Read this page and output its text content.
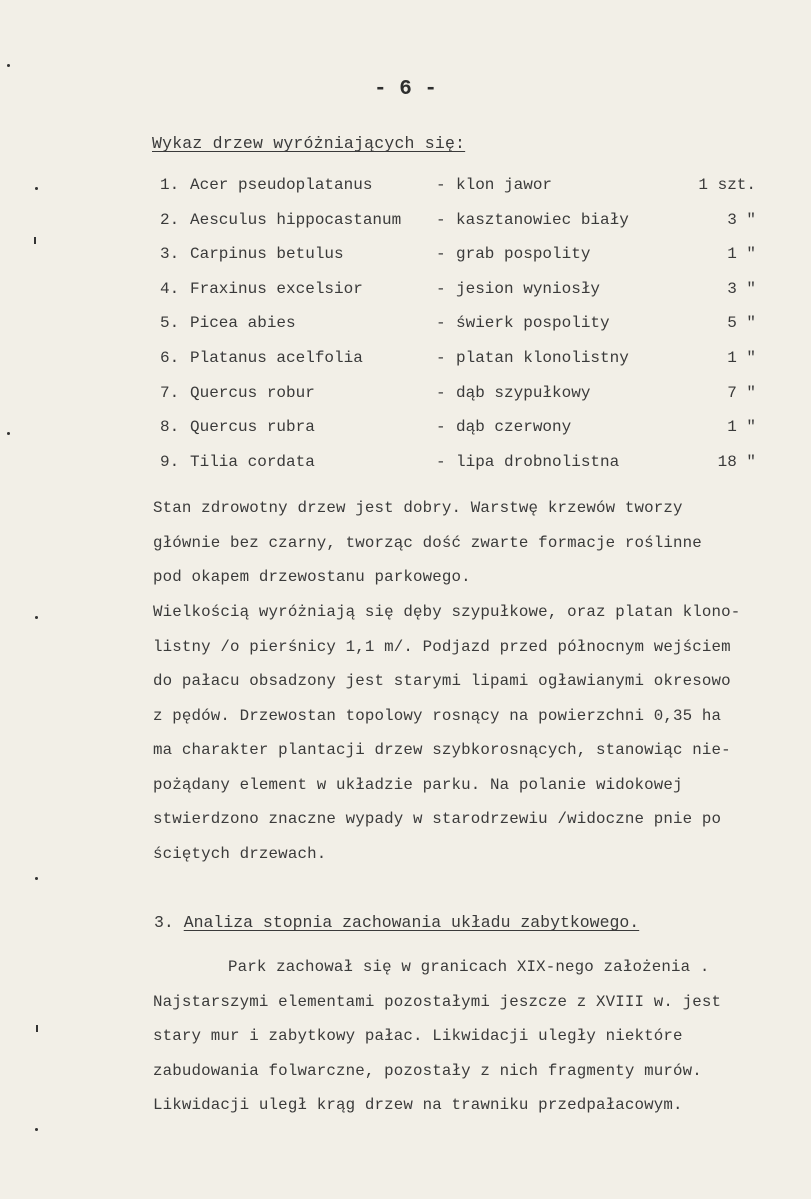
- 6 -
Wykaz drzew wyróżniających się:
1. Acer pseudoplatanus	- klon jawor	1 szt.
2. Aesculus hippocastanum - kasztanowiec biały	3 "
3. Carpinus betulus	- grab pospolity	1 "
4. Fraxinus excelsior	- jesion wyniosły	3 "
5. Picea abies	- świerk pospolity	5 "
6. Platanus acelfolia	- platan klonolistny	1 "
7. Quercus robur	- dąb szypułkowy	7 "
8. Quercus rubra	- dąb czerwony	1 "
9. Tilia cordata	- lipa drobnolistna	18 "
Stan zdrowotny drzew jest dobry. Warstwę krzewów tworzy
głównie bez czarny, tworząc dość zwarte formacje roślinne
pod okapem drzewostanu parkowego.
Wielkością wyróżniają się dęby szypułkowe, oraz platan klono-
listny /o pierśnicy 1,1 m/. Podjazd przed północnym wejściem
do pałacu obsadzony jest starymi lipami ogławianymi okresowo
z pędów. Drzewostan topolowy rosnący na powierzchni 0,35 ha
ma charakter plantacji drzew szybkorosnących, stanowiąc nie-
pożądany element w układzie parku. Na polanie widokowej
stwierdzono znaczne wypady w starodrzewiu /widoczne pnie po
ściętych drzewach.
3. Analiza stopnia zachowania układu zabytkowego.
Park zachował się w granicach XIX-nego założenia .
Najstarszymi elementami pozostałymi jeszcze z XVIII w. jest
stary mur i zabytkowy pałac. Likwidacji uległy niektóre
zabudowania folwarczne, pozostały z nich fragmenty murów.
Likwidacji uległ krąg drzew na trawniku przedpałacowym.
